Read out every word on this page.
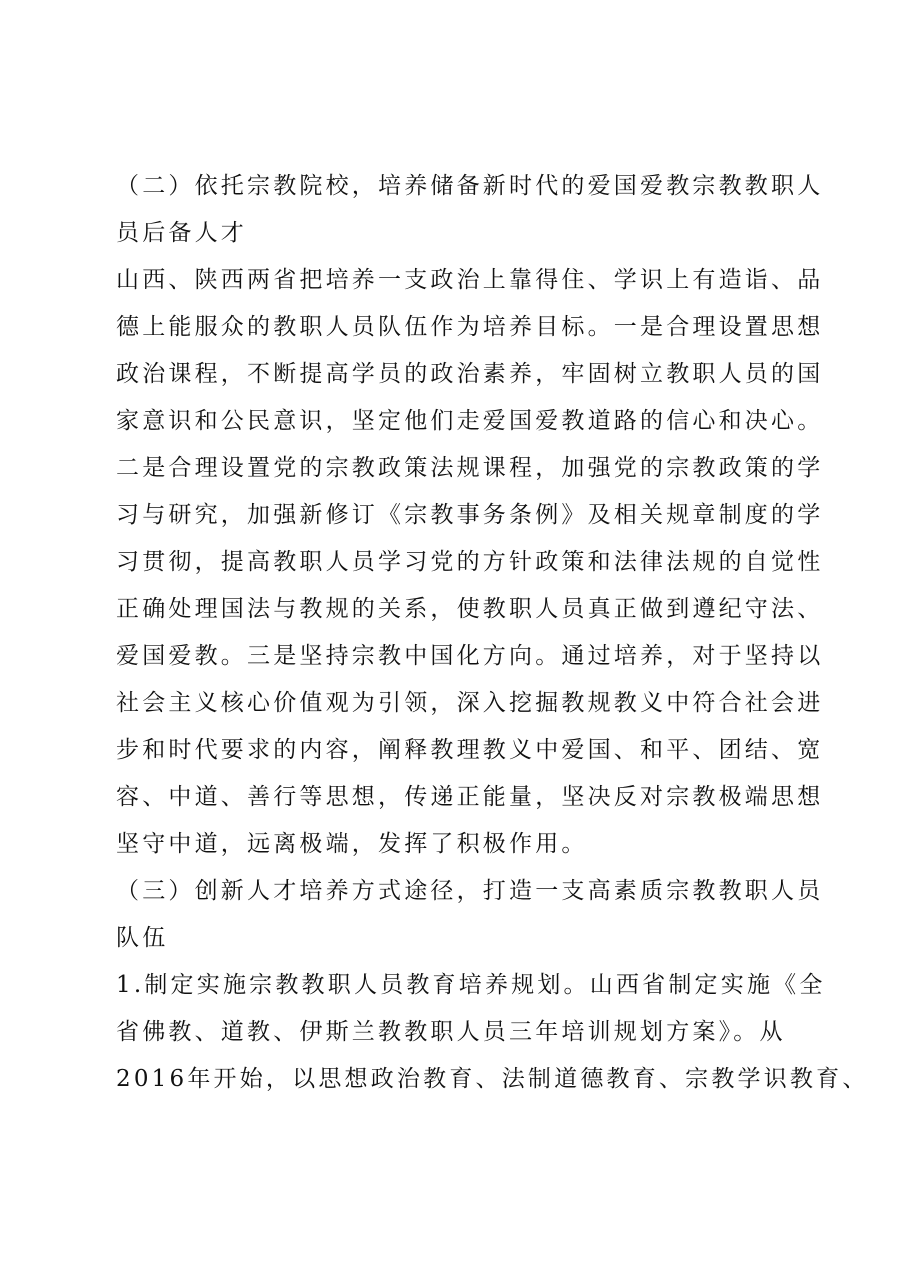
（二）依托宗教院校，培养储备新时代的爱国爱教宗教教职人
员后备人才
山西、陕西两省把培养一支政治上靠得住、学识上有造诣、品
德上能服众的教职人员队伍作为培养目标。一是合理设置思想
政治课程，不断提高学员的政治素养，牢固树立教职人员的国
家意识和公民意识，坚定他们走爱国爱教道路的信心和决心。
二是合理设置党的宗教政策法规课程，加强党的宗教政策的学
习与研究，加强新修订《宗教事务条例》及相关规章制度的学
习贯彻，提高教职人员学习党的方针政策和法律法规的自觉性
正确处理国法与教规的关系，使教职人员真正做到遵纪守法、
爱国爱教。三是坚持宗教中国化方向。通过培养，对于坚持以
社会主义核心价值观为引领，深入挖掘教规教义中符合社会进
步和时代要求的内容，阐释教理教义中爱国、和平、团结、宽
容、中道、善行等思想，传递正能量，坚决反对宗教极端思想
坚守中道，远离极端，发挥了积极作用。
（三）创新人才培养方式途径，打造一支高素质宗教教职人员
队伍
1.制定实施宗教教职人员教育培养规划。山西省制定实施《全
省佛教、道教、伊斯兰教教职人员三年培训规划方案》。从
2016年开始，以思想政治教育、法制道德教育、宗教学识教育、
